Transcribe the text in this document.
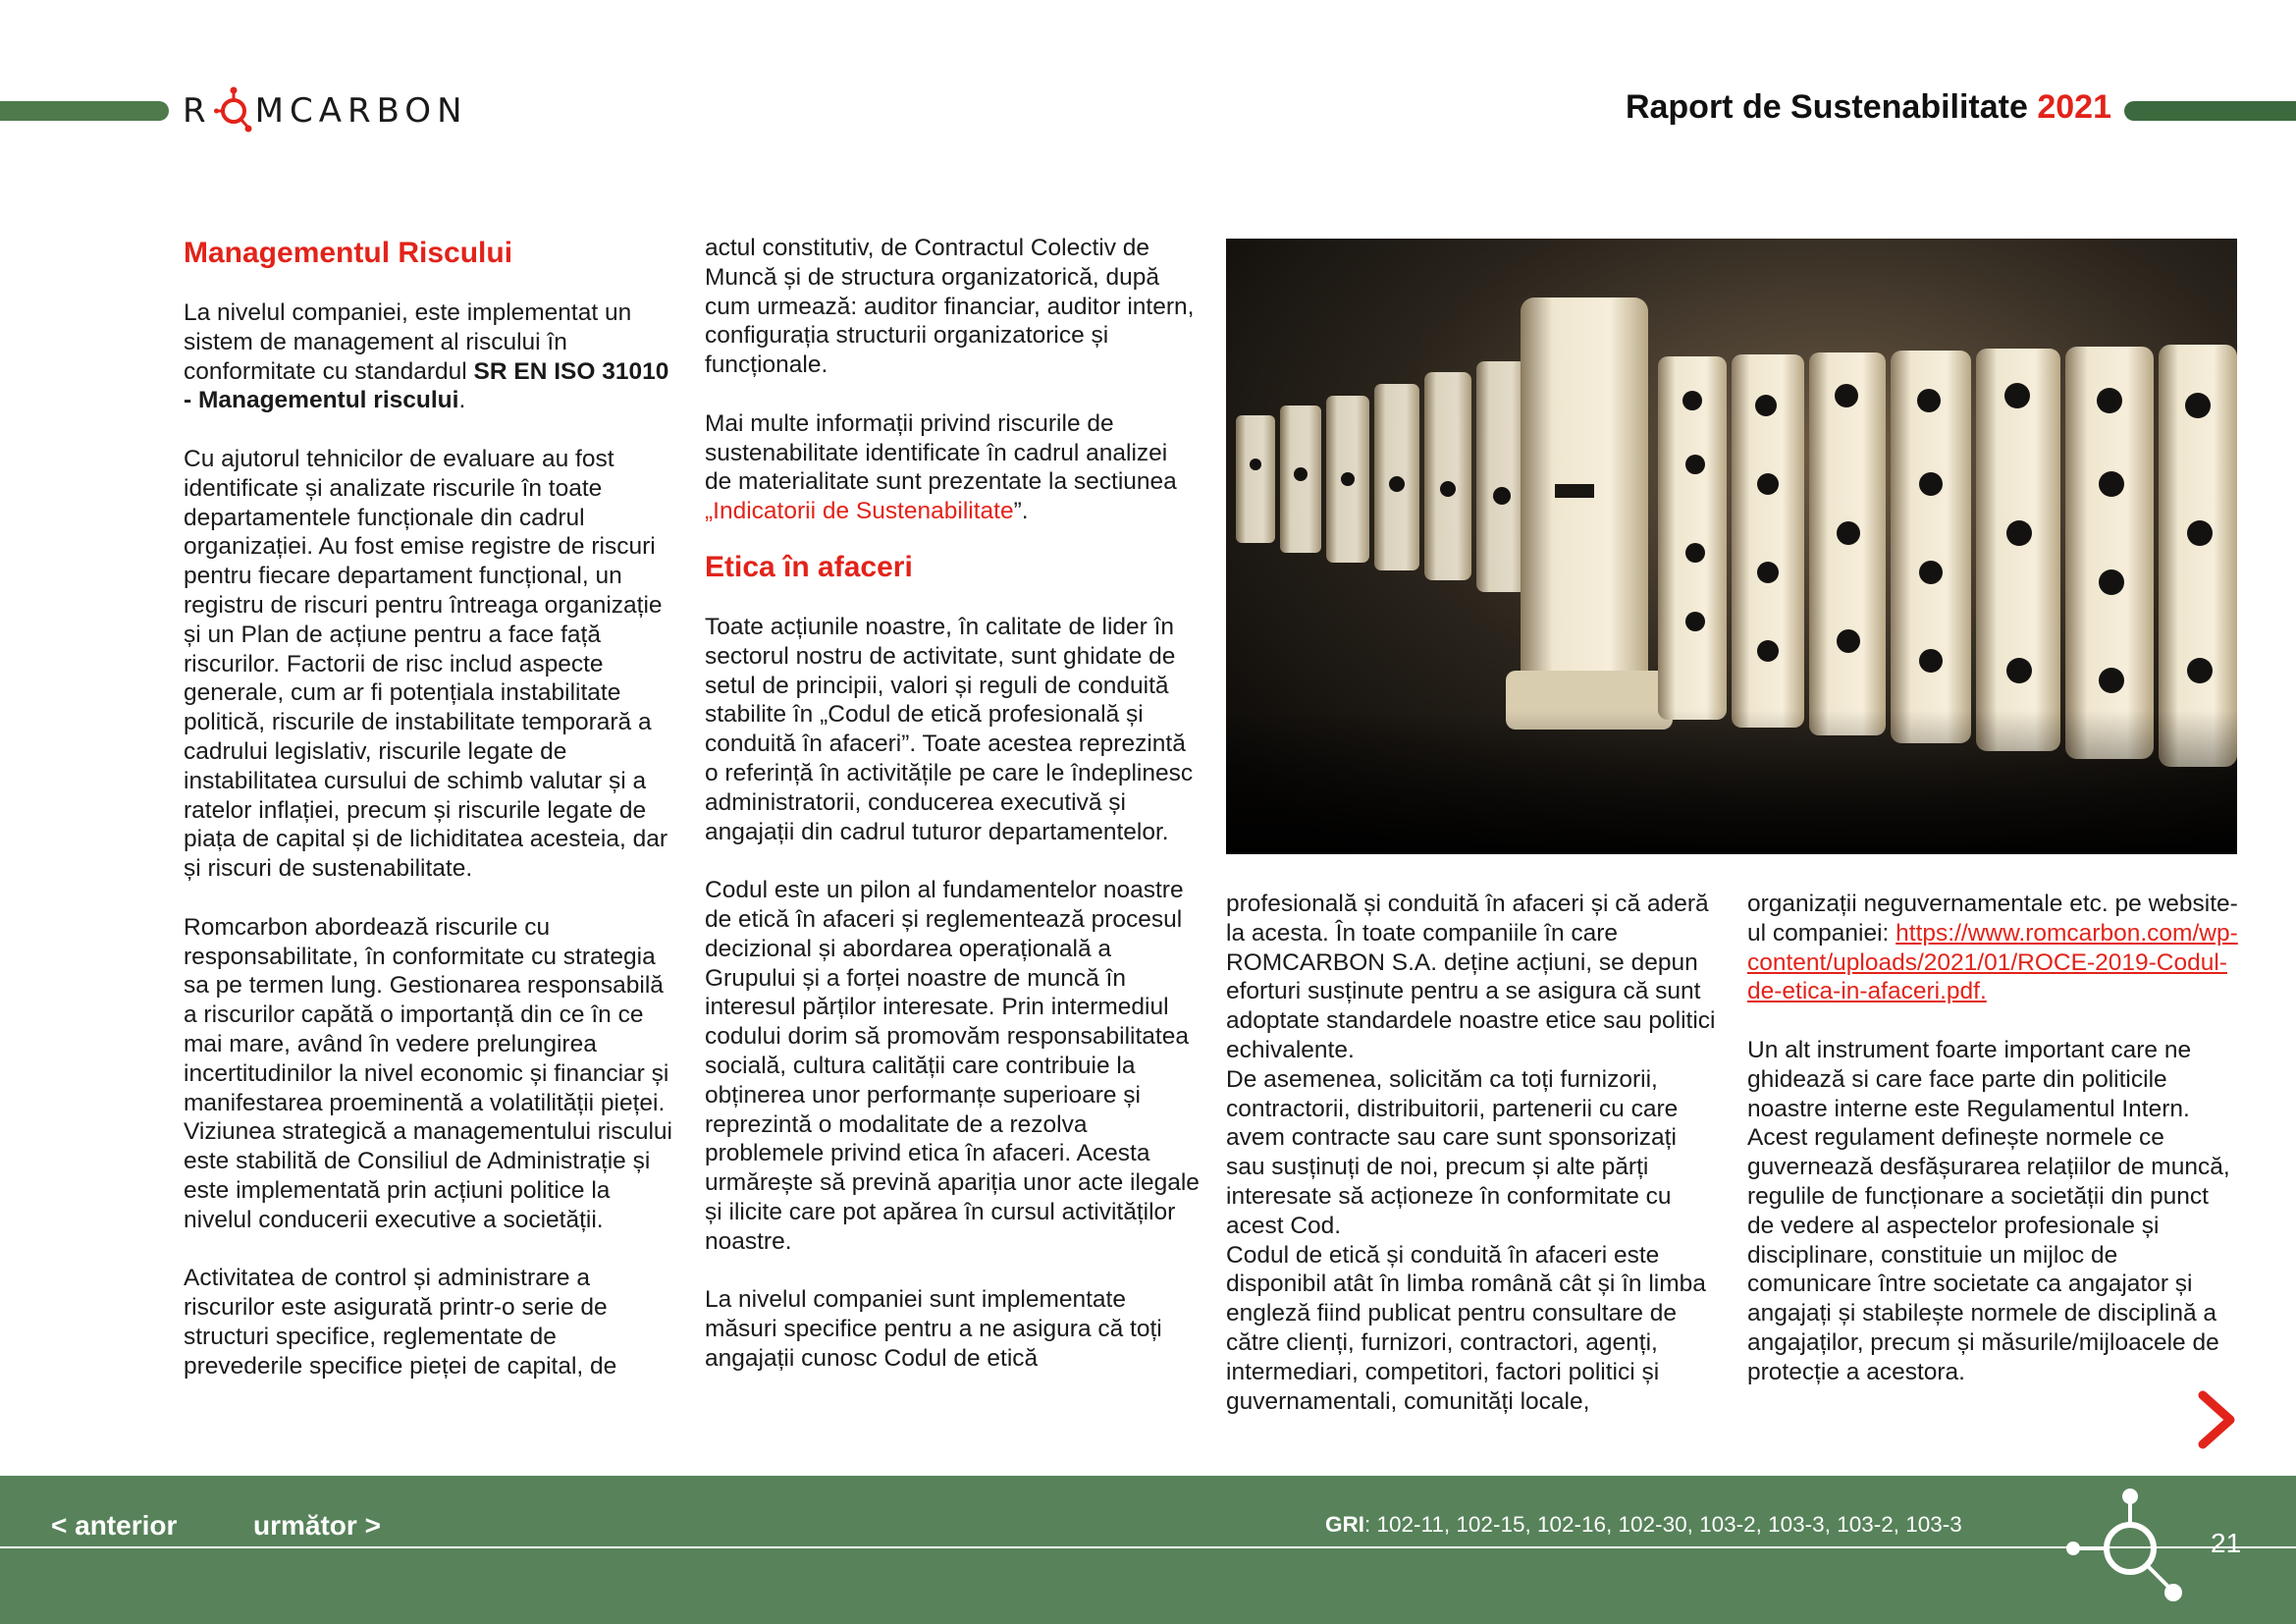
R MCARBON	Raport de Sustenabilitate 2021
Managementul Riscului

La nivelul companiei, este implementat un sistem de management al riscului în conformitate cu standardul SR EN ISO 31010 - Managementul riscului.

Cu ajutorul tehnicilor de evaluare au fost identificate și analizate riscurile în toate departamentele funcționale din cadrul organizației. Au fost emise registre de riscuri pentru fiecare departament funcțional, un registru de riscuri pentru întreaga organizație și un Plan de acțiune pentru a face față riscurilor. Factorii de risc includ aspecte generale, cum ar fi potențiala instabilitate politică, riscurile de instabilitate temporară a cadrului legislativ, riscurile legate de instabilitatea cursului de schimb valutar și a ratelor inflației, precum și riscurile legate de piața de capital și de lichiditatea acesteia, dar și riscuri de sustenabilitate.

Romcarbon abordează riscurile cu responsabilitate, în conformitate cu strategia sa pe termen lung. Gestionarea responsabilă a riscurilor capătă o importanță din ce în ce mai mare, având în vedere prelungirea incertitudinilor la nivel economic și financiar și manifestarea proeminentă a volatilității pieței. Viziunea strategică a managementului riscului este stabilită de Consiliul de Administrație și este implementată prin acțiuni politice la nivelul conducerii executive a societății.

Activitatea de control și administrare a riscurilor este asigurată printr-o serie de structuri specifice, reglementate de prevederile specifice pieței de capital, de

actul constitutiv, de Contractul Colectiv de Muncă și de structura organizatorică, după cum urmează: auditor financiar, auditor intern, configurația structurii organizatorice și funcționale.

Mai multe informații privind riscurile de sustenabilitate identificate în cadrul analizei de materialitate sunt prezentate la sectiunea „Indicatorii de Sustenabilitate”.

Etica în afaceri

Toate acțiunile noastre, în calitate de lider în sectorul nostru de activitate, sunt ghidate de setul de principii, valori și reguli de conduită stabilite în „Codul de etică profesională și conduită în afaceri”. Toate acestea reprezintă o referință în activitățile pe care le îndeplinesc administratorii, conducerea executivă și angajații din cadrul tuturor departamentelor.

Codul este un pilon al fundamentelor noastre de etică în afaceri și reglementează procesul decizional și abordarea operațională a Grupului și a forței noastre de muncă în interesul părților interesate. Prin intermediul codului dorim să promovăm responsabilitatea socială, cultura calității care contribuie la obținerea unor performanțe superioare și reprezintă o modalitate de a rezolva problemele privind etica în afaceri. Acesta urmărește să prevină apariția unor acte ilegale și ilicite care pot apărea în cursul activităților noastre.

La nivelul companiei sunt implementate măsuri specifice pentru a ne asigura că toți angajații cunosc Codul de etică

profesională și conduită în afaceri și că aderă la acesta. În toate companiile în care ROMCARBON S.A. deține acțiuni, se depun eforturi susținute pentru a se asigura că sunt adoptate standardele noastre etice sau politici echivalente.

De asemenea, solicităm ca toți furnizorii, contractorii, distribuitorii, partenerii cu care avem contracte sau care sunt sponsorizați sau susținuți de noi, precum și alte părți interesate să acționeze în conformitate cu acest Cod.

Codul de etică și conduită în afaceri este disponibil atât în limba română cât și în limba engleză fiind publicat pentru consultare de către clienți, furnizori, contractori, agenți, intermediari, competitori, factori politici și guvernamentali, comunități locale,

organizații neguvernamentale etc. pe website-ul companiei: https://www.romcarbon.com/wp-content/uploads/2021/01/ROCE-2019-Codul-de-etica-in-afaceri.pdf.

Un alt instrument foarte important care ne ghidează si care face parte din politicile noastre interne este Regulamentul Intern. Acest regulament definește normele ce guvernează desfășurarea relațiilor de muncă, regulile de funcționare a societății din punct de vedere al aspectelor profesionale și disciplinare, constituie un mijloc de comunicare între societate ca angajator și angajați și stabilește normele de disciplină a angajaților, precum și măsurile/mijloacele de protecție a acestora.

< anterior	următor >	GRI: 102-11, 102-15, 102-16, 102-30, 103-2, 103-3, 103-2, 103-3
21
